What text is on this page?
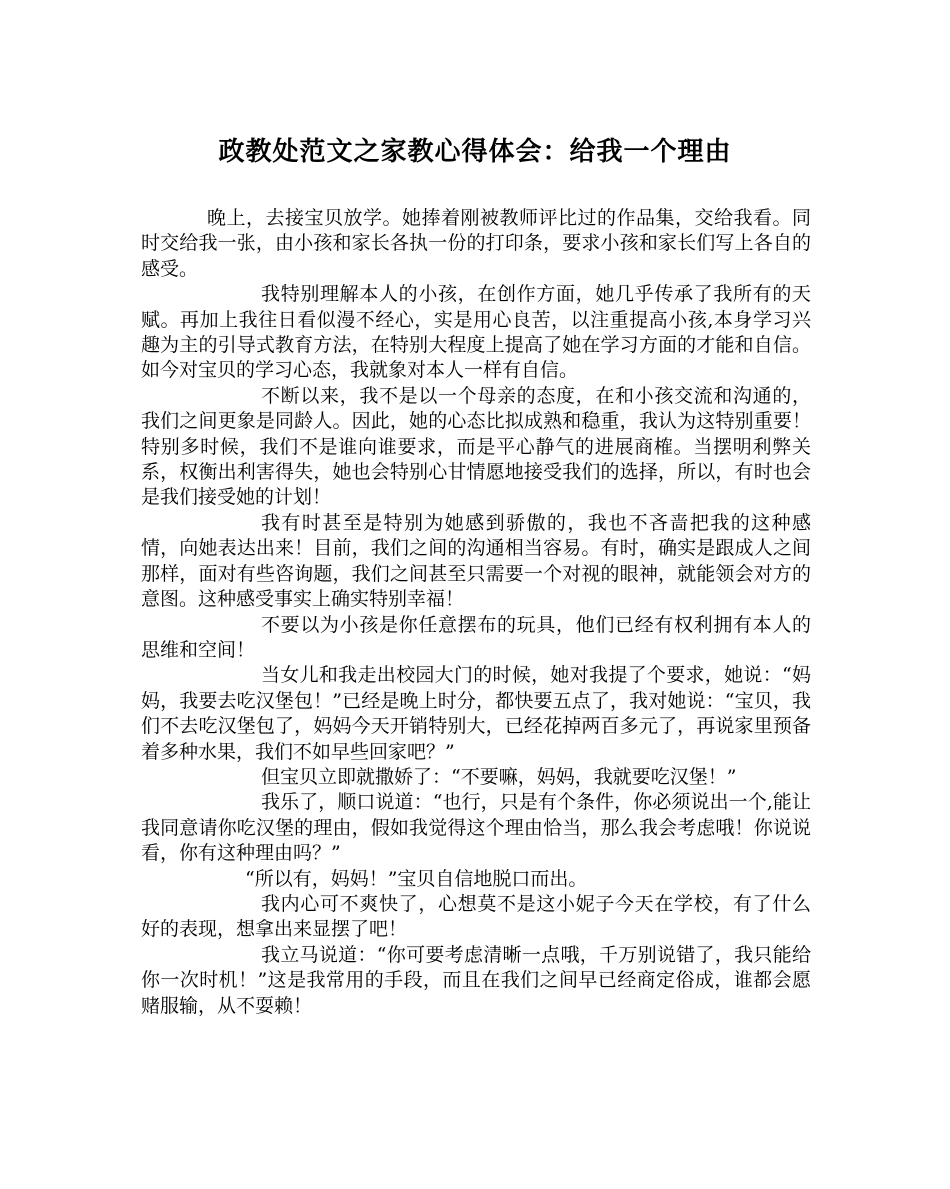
政教处范文之家教心得体会：给我一个理由

晚上，去接宝贝放学。她捧着刚被教师评比过的作品集，交给我看。同时交给我一张，由小孩和家长各执一份的打印条，要求小孩和家长们写上各自的感受。

我特别理解本人的小孩，在创作方面，她几乎传承了我所有的天赋。再加上我往日看似漫不经心，实是用心良苦，以注重提高小孩,本身学习兴趣为主的引导式教育方法，在特别大程度上提高了她在学习方面的才能和自信。如今对宝贝的学习心态，我就象对本人一样有自信。

不断以来，我不是以一个母亲的态度，在和小孩交流和沟通的，我们之间更象是同龄人。因此，她的心态比拟成熟和稳重，我认为这特别重要！特别多时候，我们不是谁向谁要求，而是平心静气的进展商榷。当摆明利弊关系，权衡出利害得失，她也会特别心甘情愿地接受我们的选择，所以，有时也会是我们接受她的计划！

我有时甚至是特别为她感到骄傲的，我也不吝啬把我的这种感情，向她表达出来！目前，我们之间的沟通相当容易。有时，确实是跟成人之间那样，面对有些咨询题，我们之间甚至只需要一个对视的眼神，就能领会对方的意图。这种感受事实上确实特别幸福！

不要以为小孩是你任意摆布的玩具，他们已经有权利拥有本人的思维和空间！

当女儿和我走出校园大门的时候，她对我提了个要求，她说：“妈妈，我要去吃汉堡包！”已经是晚上时分，都快要五点了，我对她说：“宝贝，我们不去吃汉堡包了，妈妈今天开销特别大，已经花掉两百多元了，再说家里预备着多种水果，我们不如早些回家吧？”

但宝贝立即就撒娇了：“不要嘛，妈妈，我就要吃汉堡！”

我乐了，顺口说道：“也行，只是有个条件，你必须说出一个,能让我同意请你吃汉堡的理由，假如我觉得这个理由恰当，那么我会考虑哦！你说说看，你有这种理由吗？”

“所以有，妈妈！”宝贝自信地脱口而出。

我内心可不爽快了，心想莫不是这小妮子今天在学校，有了什么好的表现，想拿出来显摆了吧！

我立马说道：“你可要考虑清晰一点哦，千万别说错了，我只能给你一次时机！”这是我常用的手段，而且在我们之间早已经商定俗成，谁都会愿赌服输，从不耍赖！
